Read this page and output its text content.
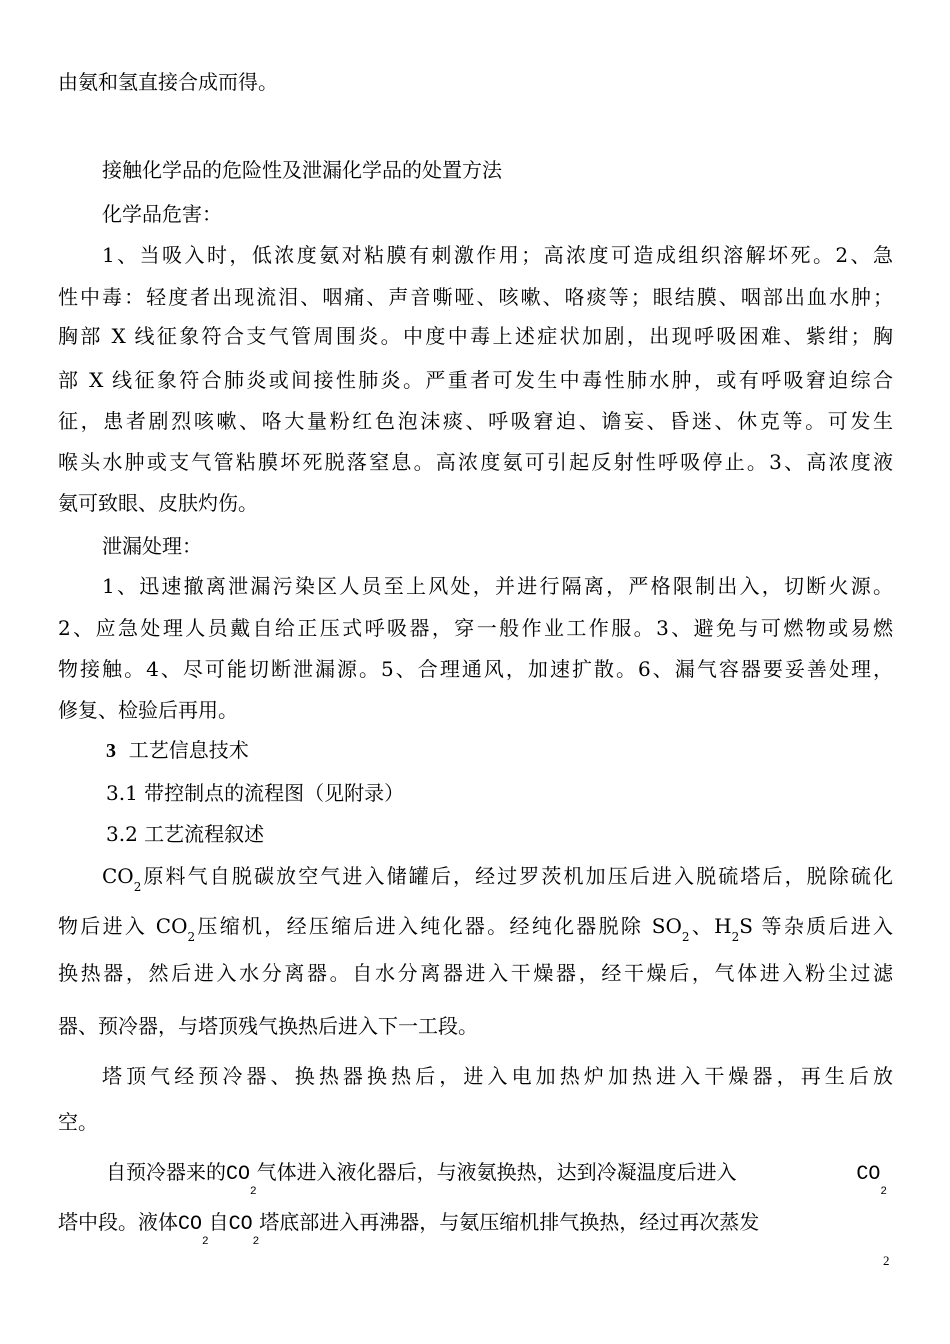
由氨和氢直接合成而得。
接触化学品的危险性及泄漏化学品的处置方法
化学品危害：
1、当吸入时，低浓度氨对粘膜有刺激作用；高浓度可造成组织溶解坏死。2、急
性中毒：轻度者出现流泪、咽痛、声音嘶哑、咳嗽、咯痰等；眼结膜、咽部出血水肿；
胸部 X 线征象符合支气管周围炎。中度中毒上述症状加剧，出现呼吸困难、紫绀；胸
部 X 线征象符合肺炎或间接性肺炎。严重者可发生中毒性肺水肿，或有呼吸窘迫综合
征，患者剧烈咳嗽、咯大量粉红色泡沫痰、呼吸窘迫、谵妄、昏迷、休克等。可发生
喉头水肿或支气管粘膜坏死脱落窒息。高浓度氨可引起反射性呼吸停止。3、高浓度液
氨可致眼、皮肤灼伤。
泄漏处理：
1、迅速撤离泄漏污染区人员至上风处，并进行隔离，严格限制出入，切断火源。
2、应急处理人员戴自给正压式呼吸器，穿一般作业工作服。3、避免与可燃物或易燃
物接触。4、尽可能切断泄漏源。5、合理通风，加速扩散。6、漏气容器要妥善处理，
修复、检验后再用。
3 工艺信息技术
3.1 带控制点的流程图（见附录）
3.2 工艺流程叙述
$CO_2$原料气自脱碳放空气进入储罐后，经过罗茨机加压后进入脱硫塔后，脱除硫化
物后进入 $CO_2$压缩机，经压缩后进入纯化器。经纯化器脱除 $SO_2$、$H_2S$ 等杂质后进入
换热器，然后进入水分离器。自水分离器进入干燥器，经干燥后，气体进入粉尘过滤
器、预冷器，与塔顶残气换热后进入下一工段。
塔顶气经预冷器、换热器换热后，进入电加热炉加热进入干燥器，再生后放
空。
自预冷器来的$CO_2$气体进入液化器后，与液氨换热，达到冷凝温度后进入	$CO_2$
塔中段。液体$CO_2$自$CO_2$塔底部进入再沸器，与氨压缩机排气换热，经过再次蒸发
2
